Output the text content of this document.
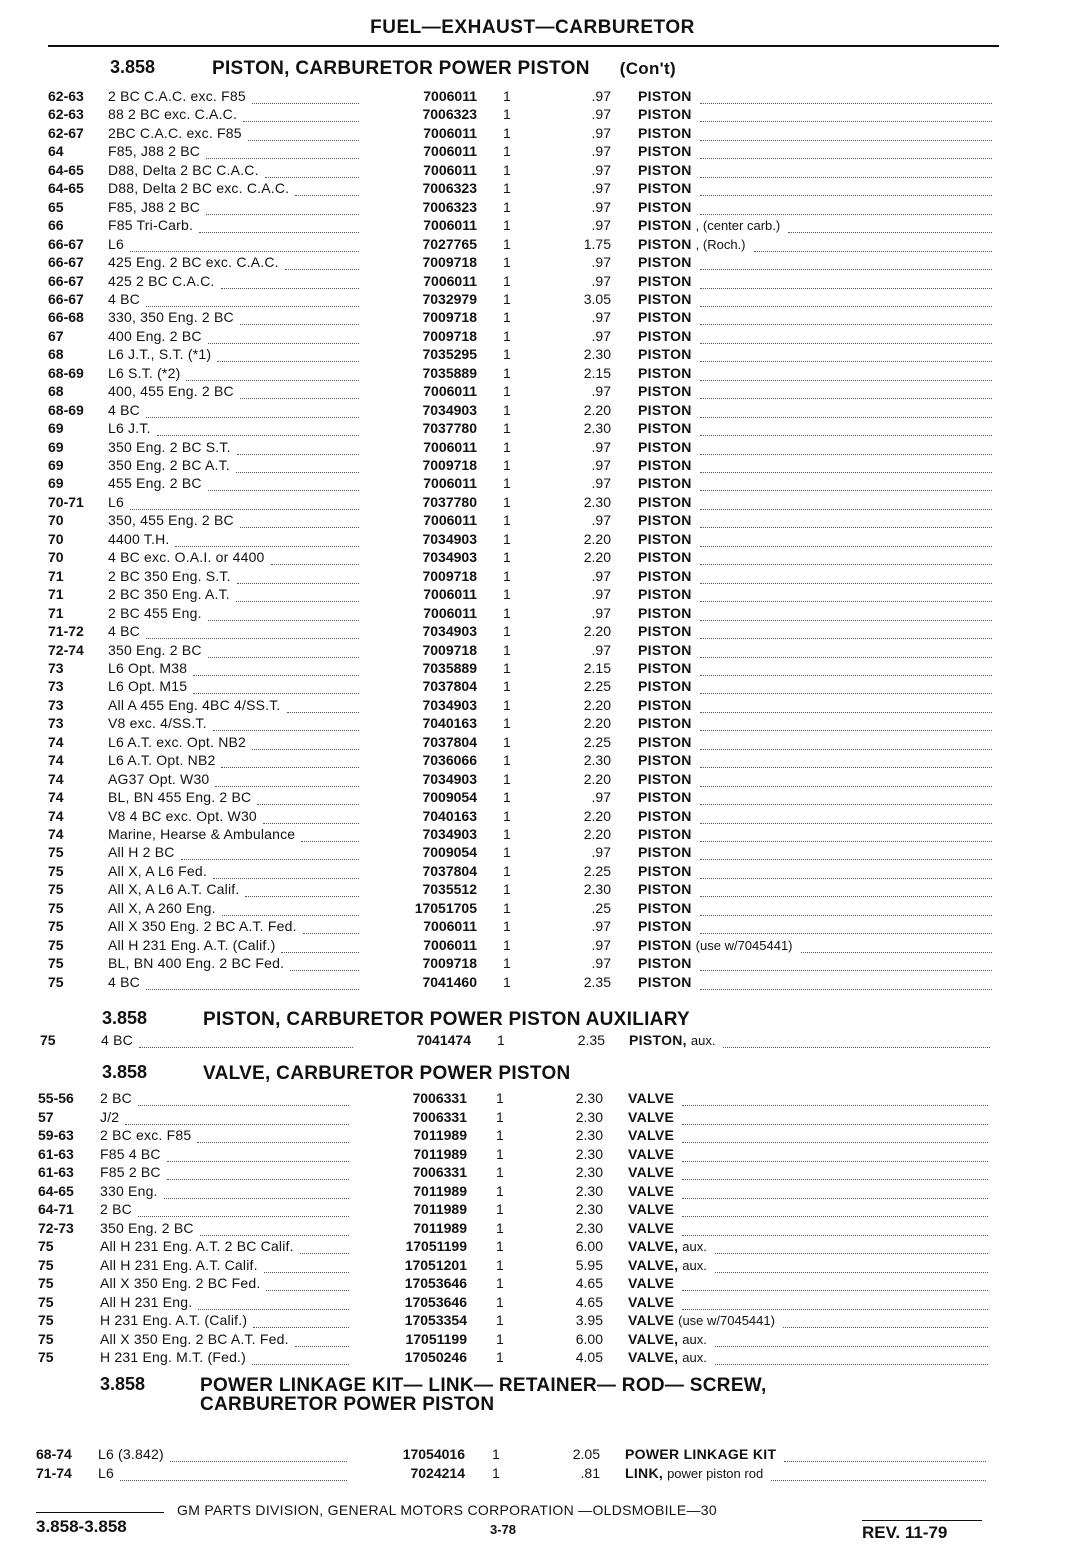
FUEL—EXHAUST—CARBURETOR
3.858	PISTON, CARBURETOR POWER PISTON (Con't)
62-63 2 BC C.A.C. exc. F85	7006011 1	.97 PISTON
62-63 88 2 BC exc. C.A.C.	7006323 1	.97 PISTON
62-67 2BC C.A.C. exc. F85	7006011 1	.97 PISTON
64	F85, J88 2 BC	7006011 1	.97 PISTON
64-65 D88, Delta 2 BC C.A.C.	7006011 1	.97 PISTON
64-65 D88, Delta 2 BC exc. C.A.C.	7006323 1	.97 PISTON
65	F85, J88 2 BC	7006323 1	.97 PISTON
66	F85 Tri-Carb.	7006011 1	.97 PISTON , (center carb.)
66-67 L6	7027765 1	1.75 PISTON , (Roch.)
66-67 425 Eng. 2 BC exc. C.A.C.	7009718 1	.97 PISTON
66-67 425 2 BC C.A.C.	7006011 1	.97 PISTON
66-67 4 BC	7032979 1	3.05 PISTON
66-68 330, 350 Eng. 2 BC	7009718 1	.97 PISTON
67	400 Eng. 2 BC	7009718 1	.97 PISTON
68	L6 J.T., S.T. (*1)	7035295 1	2.30 PISTON
68-69 L6 S.T. (*2)	7035889 1	2.15 PISTON
68	400, 455 Eng. 2 BC	7006011 1	.97 PISTON
68-69 4 BC	7034903 1	2.20 PISTON
69	L6 J.T.	7037780 1	2.30 PISTON
69	350 Eng. 2 BC S.T.	7006011 1	.97 PISTON
69	350 Eng. 2 BC A.T.	7009718 1	.97 PISTON
69	455 Eng. 2 BC	7006011 1	.97 PISTON
70-71 L6	7037780 1	2.30 PISTON
70	350, 455 Eng. 2 BC	7006011 1	.97 PISTON
70	4400 T.H.	7034903 1	2.20 PISTON
70	4 BC exc. O.A.I. or 4400	7034903 1	2.20 PISTON
71	2 BC 350 Eng. S.T.	7009718 1	.97 PISTON
71	2 BC 350 Eng. A.T.	7006011 1	.97 PISTON
71	2 BC 455 Eng.	7006011 1	.97 PISTON
71-72 4 BC	7034903 1	2.20 PISTON
72-74 350 Eng. 2 BC	7009718 1	.97 PISTON
73	L6 Opt. M38	7035889 1	2.15 PISTON
73	L6 Opt. M15	7037804 1	2.25 PISTON
73	All A 455 Eng. 4BC 4/SS.T.	7034903 1	2.20 PISTON
73	V8 exc. 4/SS.T.	7040163 1	2.20 PISTON
74	L6 A.T. exc. Opt. NB2	7037804 1	2.25 PISTON
74	L6 A.T. Opt. NB2	7036066 1	2.30 PISTON
74	AG37 Opt. W30	7034903 1	2.20 PISTON
74	BL, BN 455 Eng. 2 BC	7009054 1	.97 PISTON
74	V8 4 BC exc. Opt. W30	7040163 1	2.20 PISTON
74	Marine, Hearse & Ambulance	7034903 1	2.20 PISTON
75	All H 2 BC	7009054 1	.97 PISTON
75	All X, A L6 Fed.	7037804 1	2.25 PISTON
75	All X, A L6 A.T. Calif.	7035512 1	2.30 PISTON
75	All X, A 260 Eng.	17051705 1	.25 PISTON
75	All X 350 Eng. 2 BC A.T. Fed.	7006011 1	.97 PISTON
75	All H 231 Eng. A.T. (Calif.)	7006011 1	.97 PISTON (use w/7045441)
75	BL, BN 400 Eng. 2 BC Fed.	7009718 1	.97 PISTON
75	4 BC	7041460 1	2.35 PISTON
3.858	PISTON, CARBURETOR POWER PISTON AUXILIARY
75	4 BC	7041474 1	2.35 PISTON, aux.
3.858	VALVE, CARBURETOR POWER PISTON
55-56 2 BC	7006331 1	2.30 VALVE
57	J/2	7006331 1	2.30 VALVE
59-63 2 BC exc. F85	7011989 1	2.30 VALVE
61-63 F85 4 BC	7011989 1	2.30 VALVE
61-63 F85 2 BC	7006331 1	2.30 VALVE
64-65 330 Eng.	7011989 1	2.30 VALVE
64-71 2 BC	7011989 1	2.30 VALVE
72-73 350 Eng. 2 BC	7011989 1	2.30 VALVE
75	All H 231 Eng. A.T. 2 BC Calif.	17051199 1	6.00 VALVE, aux.
75	All H 231 Eng. A.T. Calif.	17051201 1	5.95 VALVE, aux.
75	All X 350 Eng. 2 BC Fed.	17053646 1	4.65 VALVE
75	All H 231 Eng.	17053646 1	4.65 VALVE
75	H 231 Eng. A.T. (Calif.)	17053354 1	3.95 VALVE (use w/7045441)
75	All X 350 Eng. 2 BC A.T. Fed.	17051199 1	6.00 VALVE, aux.
75	H 231 Eng. M.T. (Fed.)	17050246 1	4.05 VALVE, aux.
3.858	POWER LINKAGE KIT— LINK— RETAINER— ROD— SCREW,
CARBURETOR POWER PISTON
68-74 L6 (3.842)	17054016 1	2.05 POWER LINKAGE KIT
71-74 L6	7024214 1	.81 LINK, power piston rod
3.858-3.858
GM PARTS DIVISION, GENERAL MOTORS CORPORATION —OLDSMOBILE—30
3-78	REV. 11-79
